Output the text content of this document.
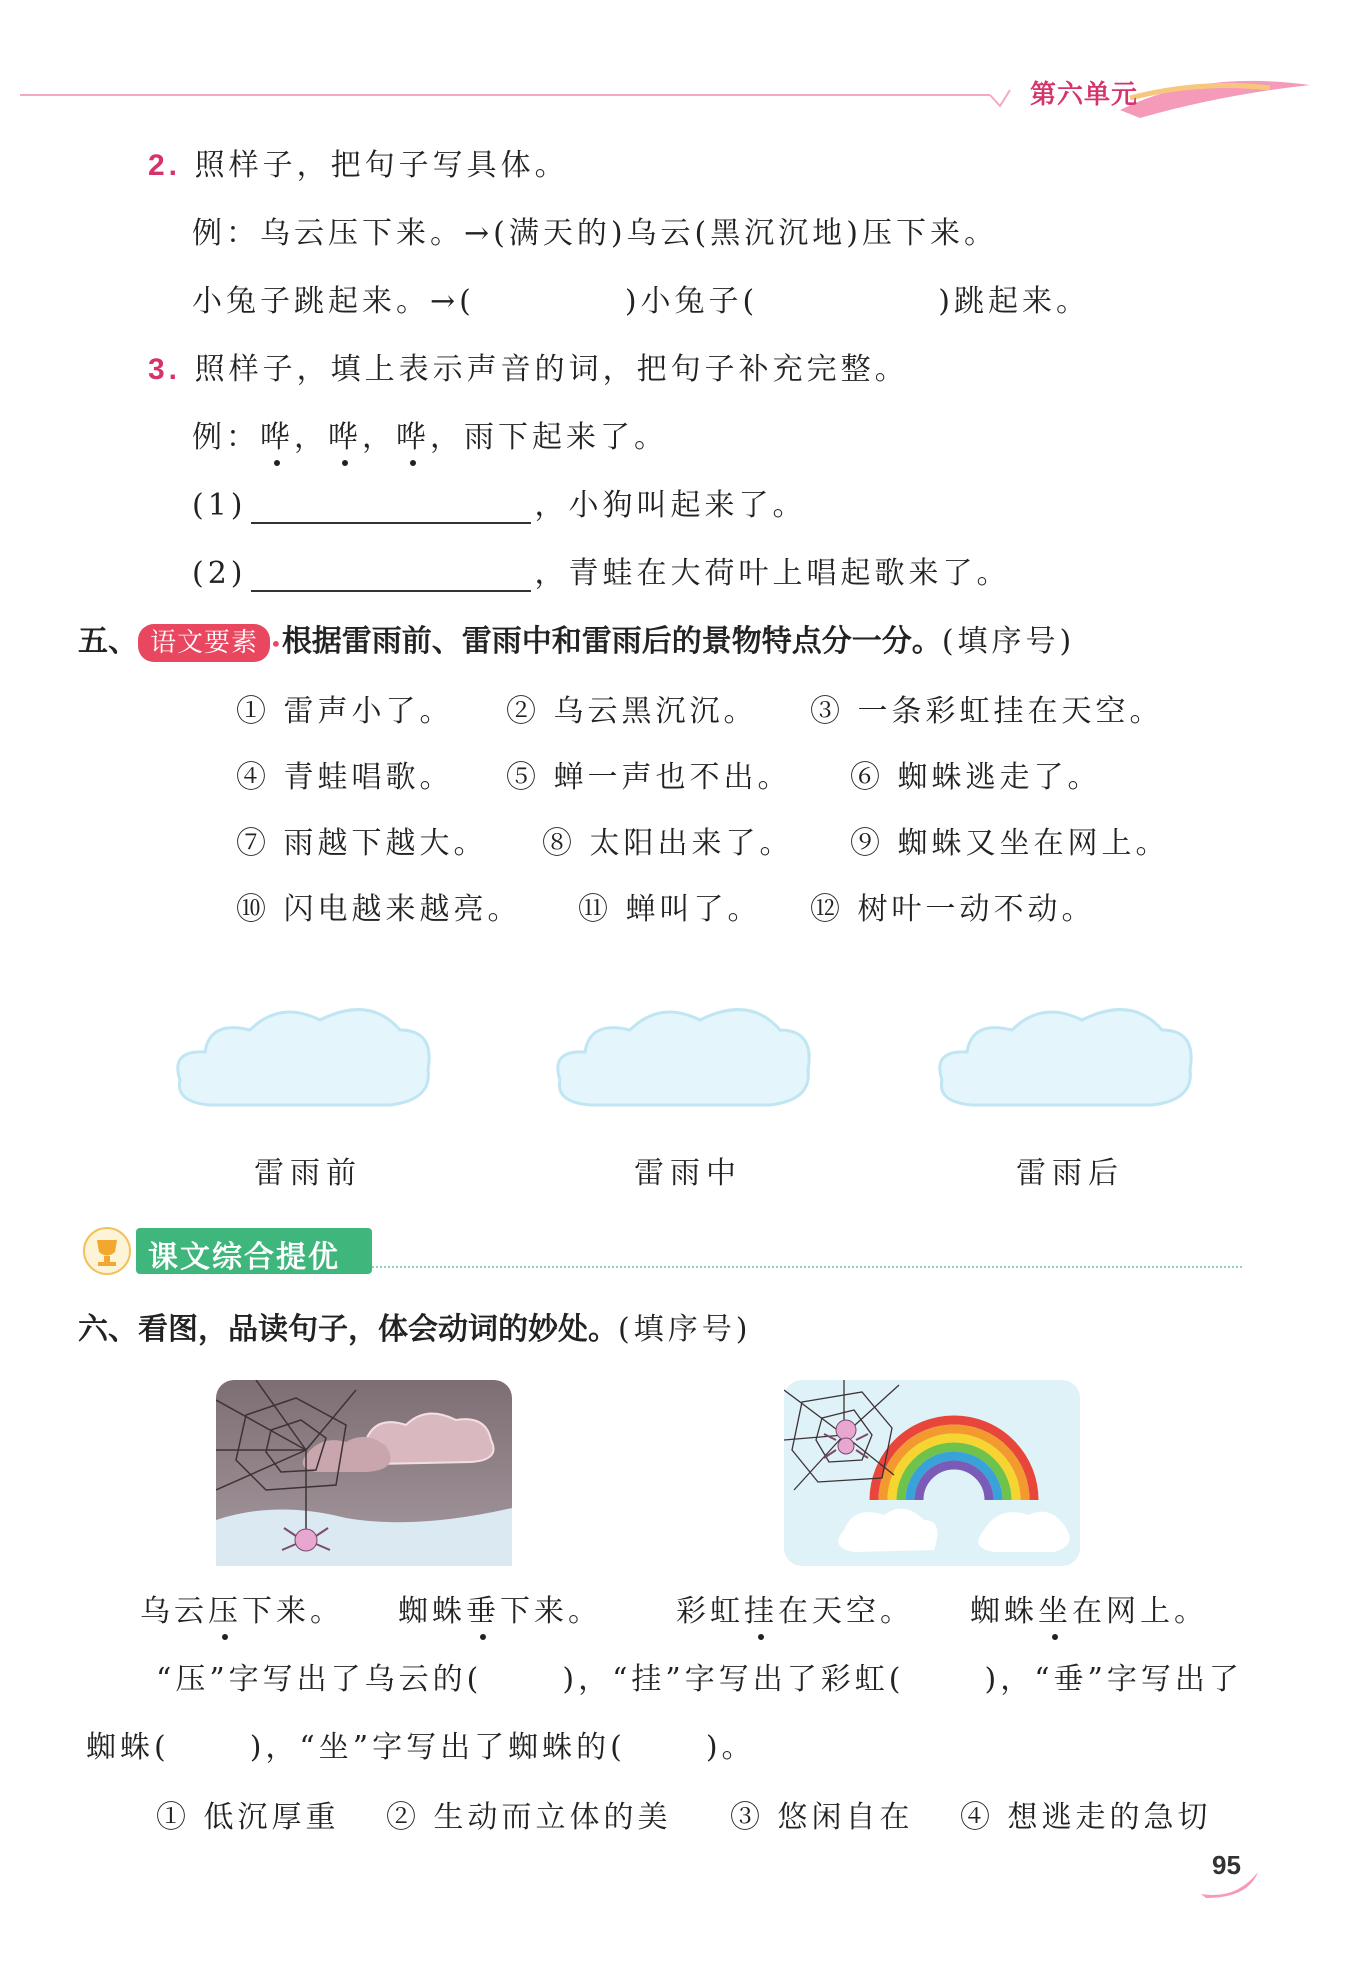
第六单元
2. 照样子，把句子写具体。
例：乌云压下来。→(满天的)乌云(黑沉沉地)压下来。
小兔子跳起来。→(	)小兔子(	)跳起来。
3. 照样子，填上表示声音的词，把句子补充完整。
例：哗，哗，哗，雨下起来了。
(1)	，小狗叫起来了。
(2)	，青蛙在大荷叶上唱起歌来了。
五、 语文要素 •根据雷雨前、雷雨中和雷雨后的景物特点分一分。(填序号)
① 雷声小了。 ② 乌云黑沉沉。 ③ 一条彩虹挂在天空。
④ 青蛙唱歌。 ⑤ 蝉一声也不出。 ⑥ 蜘蛛逃走了。
⑦ 雨越下越大。 ⑧ 太阳出来了。 ⑨ 蜘蛛又坐在网上。
⑩ 闪电越来越亮。 ⑪ 蝉叫了。 ⑫ 树叶一动不动。
雷雨前	雷雨中	雷雨后
课文综合提优
六、看图，品读句子，体会动词的妙处。(填序号)
乌云压下来。 蜘蛛垂下来。 彩虹挂在天空。 蜘蛛坐在网上。
“压”字写出了乌云的(	)，“挂”字写出了彩虹(	)，“垂”字写出了
蜘蛛(	)，“坐”字写出了蜘蛛的(	)。
① 低沉厚重 ② 生动而立体的美 ③ 悠闲自在 ④ 想逃走的急切
95
